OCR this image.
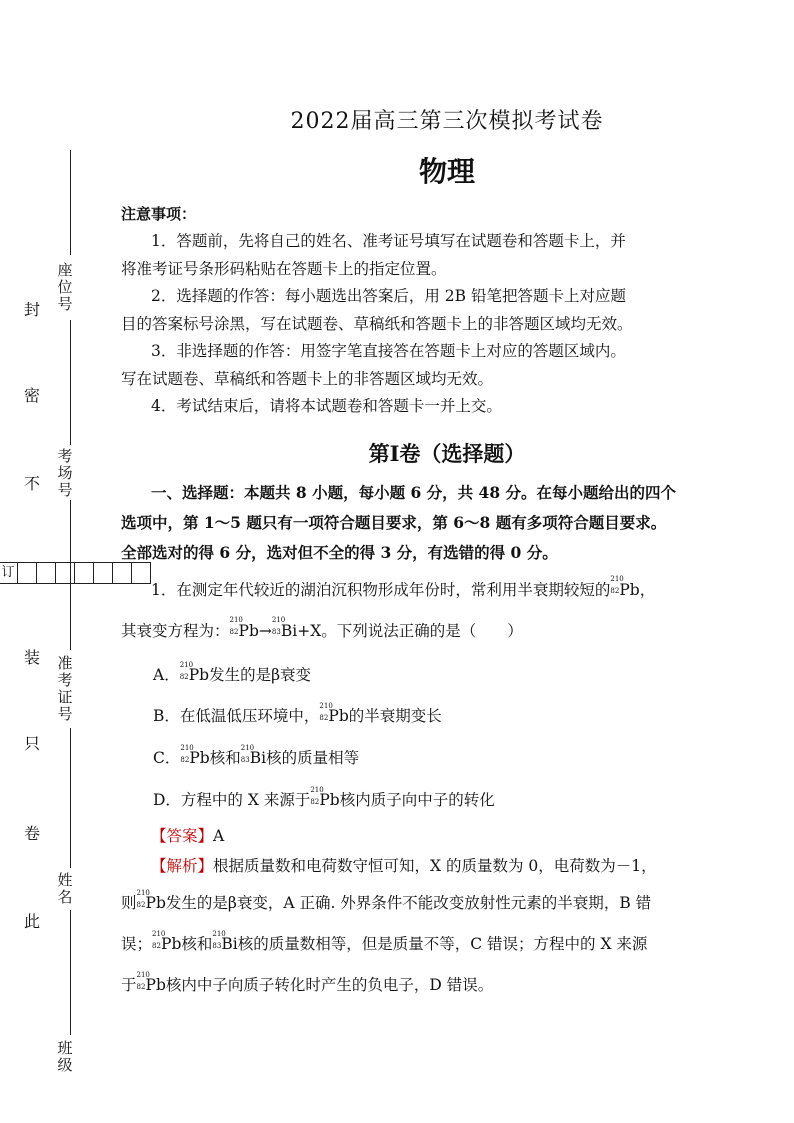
座位号
考场号
准考证号
姓名
班级
封
密
不
订
装
只
卷
此
2022届高三第三次模拟考试卷
物理
注意事项：
1．答题前，先将自己的姓名、准考证号填写在试题卷和答题卡上，并
将准考证号条形码粘贴在答题卡上的指定位置。
2．选择题的作答：每小题选出答案后，用 2B 铅笔把答题卡上对应题
目的答案标号涂黑，写在试题卷、草稿纸和答题卡上的非答题区域均无效。
3．非选择题的作答：用签字笔直接答在答题卡上对应的答题区域内。
写在试题卷、草稿纸和答题卡上的非答题区域均无效。
4．考试结束后，请将本试题卷和答题卡一并上交。
第Ⅰ卷（选择题）
一、选择题：本题共 8 小题，每小题 6 分，共 48 分。在每小题给出的四个
选项中，第 1～5 题只有一项符合题目要求，第 6～8 题有多项符合题目要求。
全部选对的得 6 分，选对但不全的得 3 分，有选错的得 0 分。
1．在测定年代较近的湖泊沉积物形成年份时，常利用半衰期较短的
210
82 Pb，
其衰变方程为：
210
82 Pb→
210
83 Bi+X。下列说法正确的是（　　）
A．
210
82 Pb发生的是β衰变
B．在低温低压环境中，
210
82 Pb的半衰期变长
C．
210
82 Pb核和
210
83 Bi核的质量相等
D．方程中的 X 来源于
210
82 Pb核内质子向中子的转化
【答案】A
【解析】根据质量数和电荷数守恒可知，X 的质量数为 0，电荷数为－1，
则
210
82 Pb发生的是β衰变，A 正确. 外界条件不能改变放射性元素的半衰期，B 错
误；
210
82 Pb核和
210
83 Bi核的质量数相等，但是质量不等，C 错误；方程中的 X 来源
于
210
82 Pb核内中子向质子转化时产生的负电子，D 错误。
